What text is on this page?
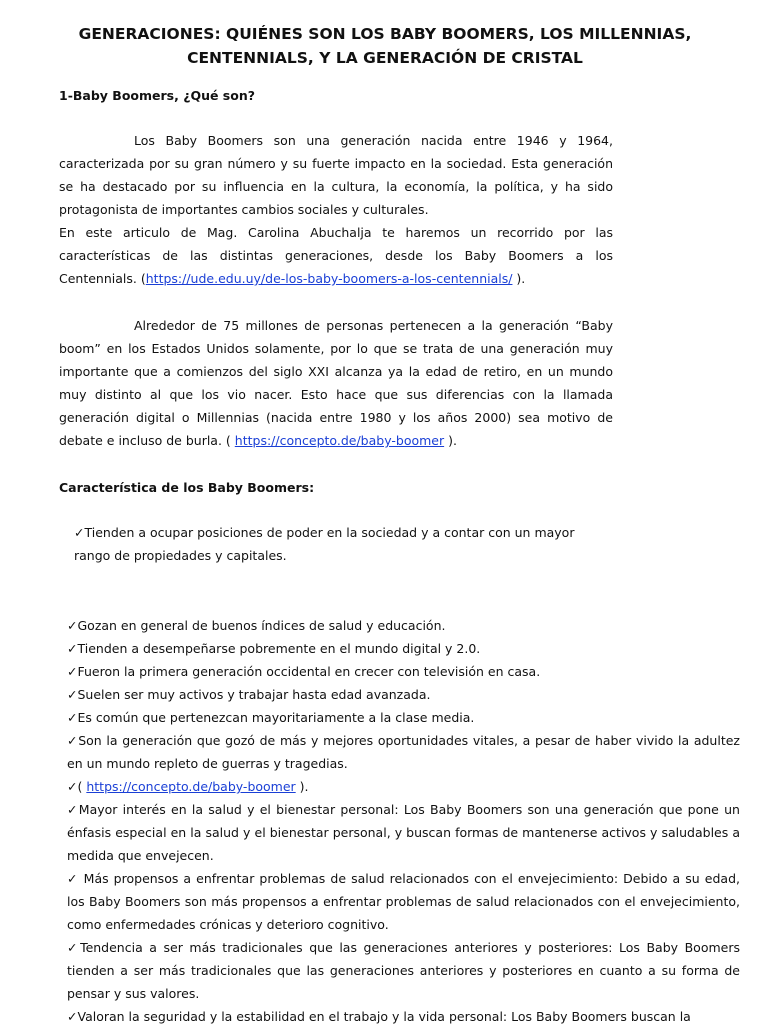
GENERACIONES: QUIÉNES SON LOS BABY BOOMERS, LOS MILLENNIAS,
CENTENNIALS, Y LA GENERACIÓN DE CRISTAL

1-Baby Boomers, ¿Qué son?

Los Baby Boomers son una generación nacida entre 1946 y 1964, caracterizada por su gran número y su fuerte impacto en la sociedad. Esta generación se ha destacado por su influencia en la cultura, la economía, la política, y ha sido protagonista de importantes cambios sociales y culturales.

En este articulo de Mag. Carolina Abuchalja te haremos un recorrido por las características de las distintas generaciones, desde los Baby Boomers a los Centennials. (https://ude.edu.uy/de-los-baby-boomers-a-los-centennials/ ).

Alrededor de 75 millones de personas pertenecen a la generación “Baby boom” en los Estados Unidos solamente, por lo que se trata de una generación muy importante que a comienzos del siglo XXI alcanza ya la edad de retiro, en un mundo muy distinto al que los vio nacer. Esto hace que sus diferencias con la llamada generación digital o Millennias (nacida entre 1980 y los años 2000) sea motivo de debate e incluso de burla. ( https://concepto.de/baby-boomer ).

Característica de los Baby Boomers:

✓Tienden a ocupar posiciones de poder en la sociedad y a contar con un mayor rango de propiedades y capitales.

✓Gozan en general de buenos índices de salud y educación.
✓Tienden a desempeñarse pobremente en el mundo digital y 2.0.
✓Fueron la primera generación occidental en crecer con televisión en casa.
✓Suelen ser muy activos y trabajar hasta edad avanzada.
✓Es común que pertenezcan mayoritariamente a la clase media.
✓Son la generación que gozó de más y mejores oportunidades vitales, a pesar de haber vivido la adultez en un mundo repleto de guerras y tragedias.
✓( https://concepto.de/baby-boomer ).
✓Mayor interés en la salud y el bienestar personal: Los Baby Boomers son una generación que pone un énfasis especial en la salud y el bienestar personal, y buscan formas de mantenerse activos y saludables a medida que envejecen.
✓ Más propensos a enfrentar problemas de salud relacionados con el envejecimiento: Debido a su edad, los Baby Boomers son más propensos a enfrentar problemas de salud relacionados con el envejecimiento, como enfermedades crónicas y deterioro cognitivo.
✓Tendencia a ser más tradicionales que las generaciones anteriores y posteriores: Los Baby Boomers tienden a ser más tradicionales que las generaciones anteriores y posteriores en cuanto a su forma de pensar y sus valores.
✓Valoran la seguridad y la estabilidad en el trabajo y la vida personal: Los Baby Boomers buscan la
